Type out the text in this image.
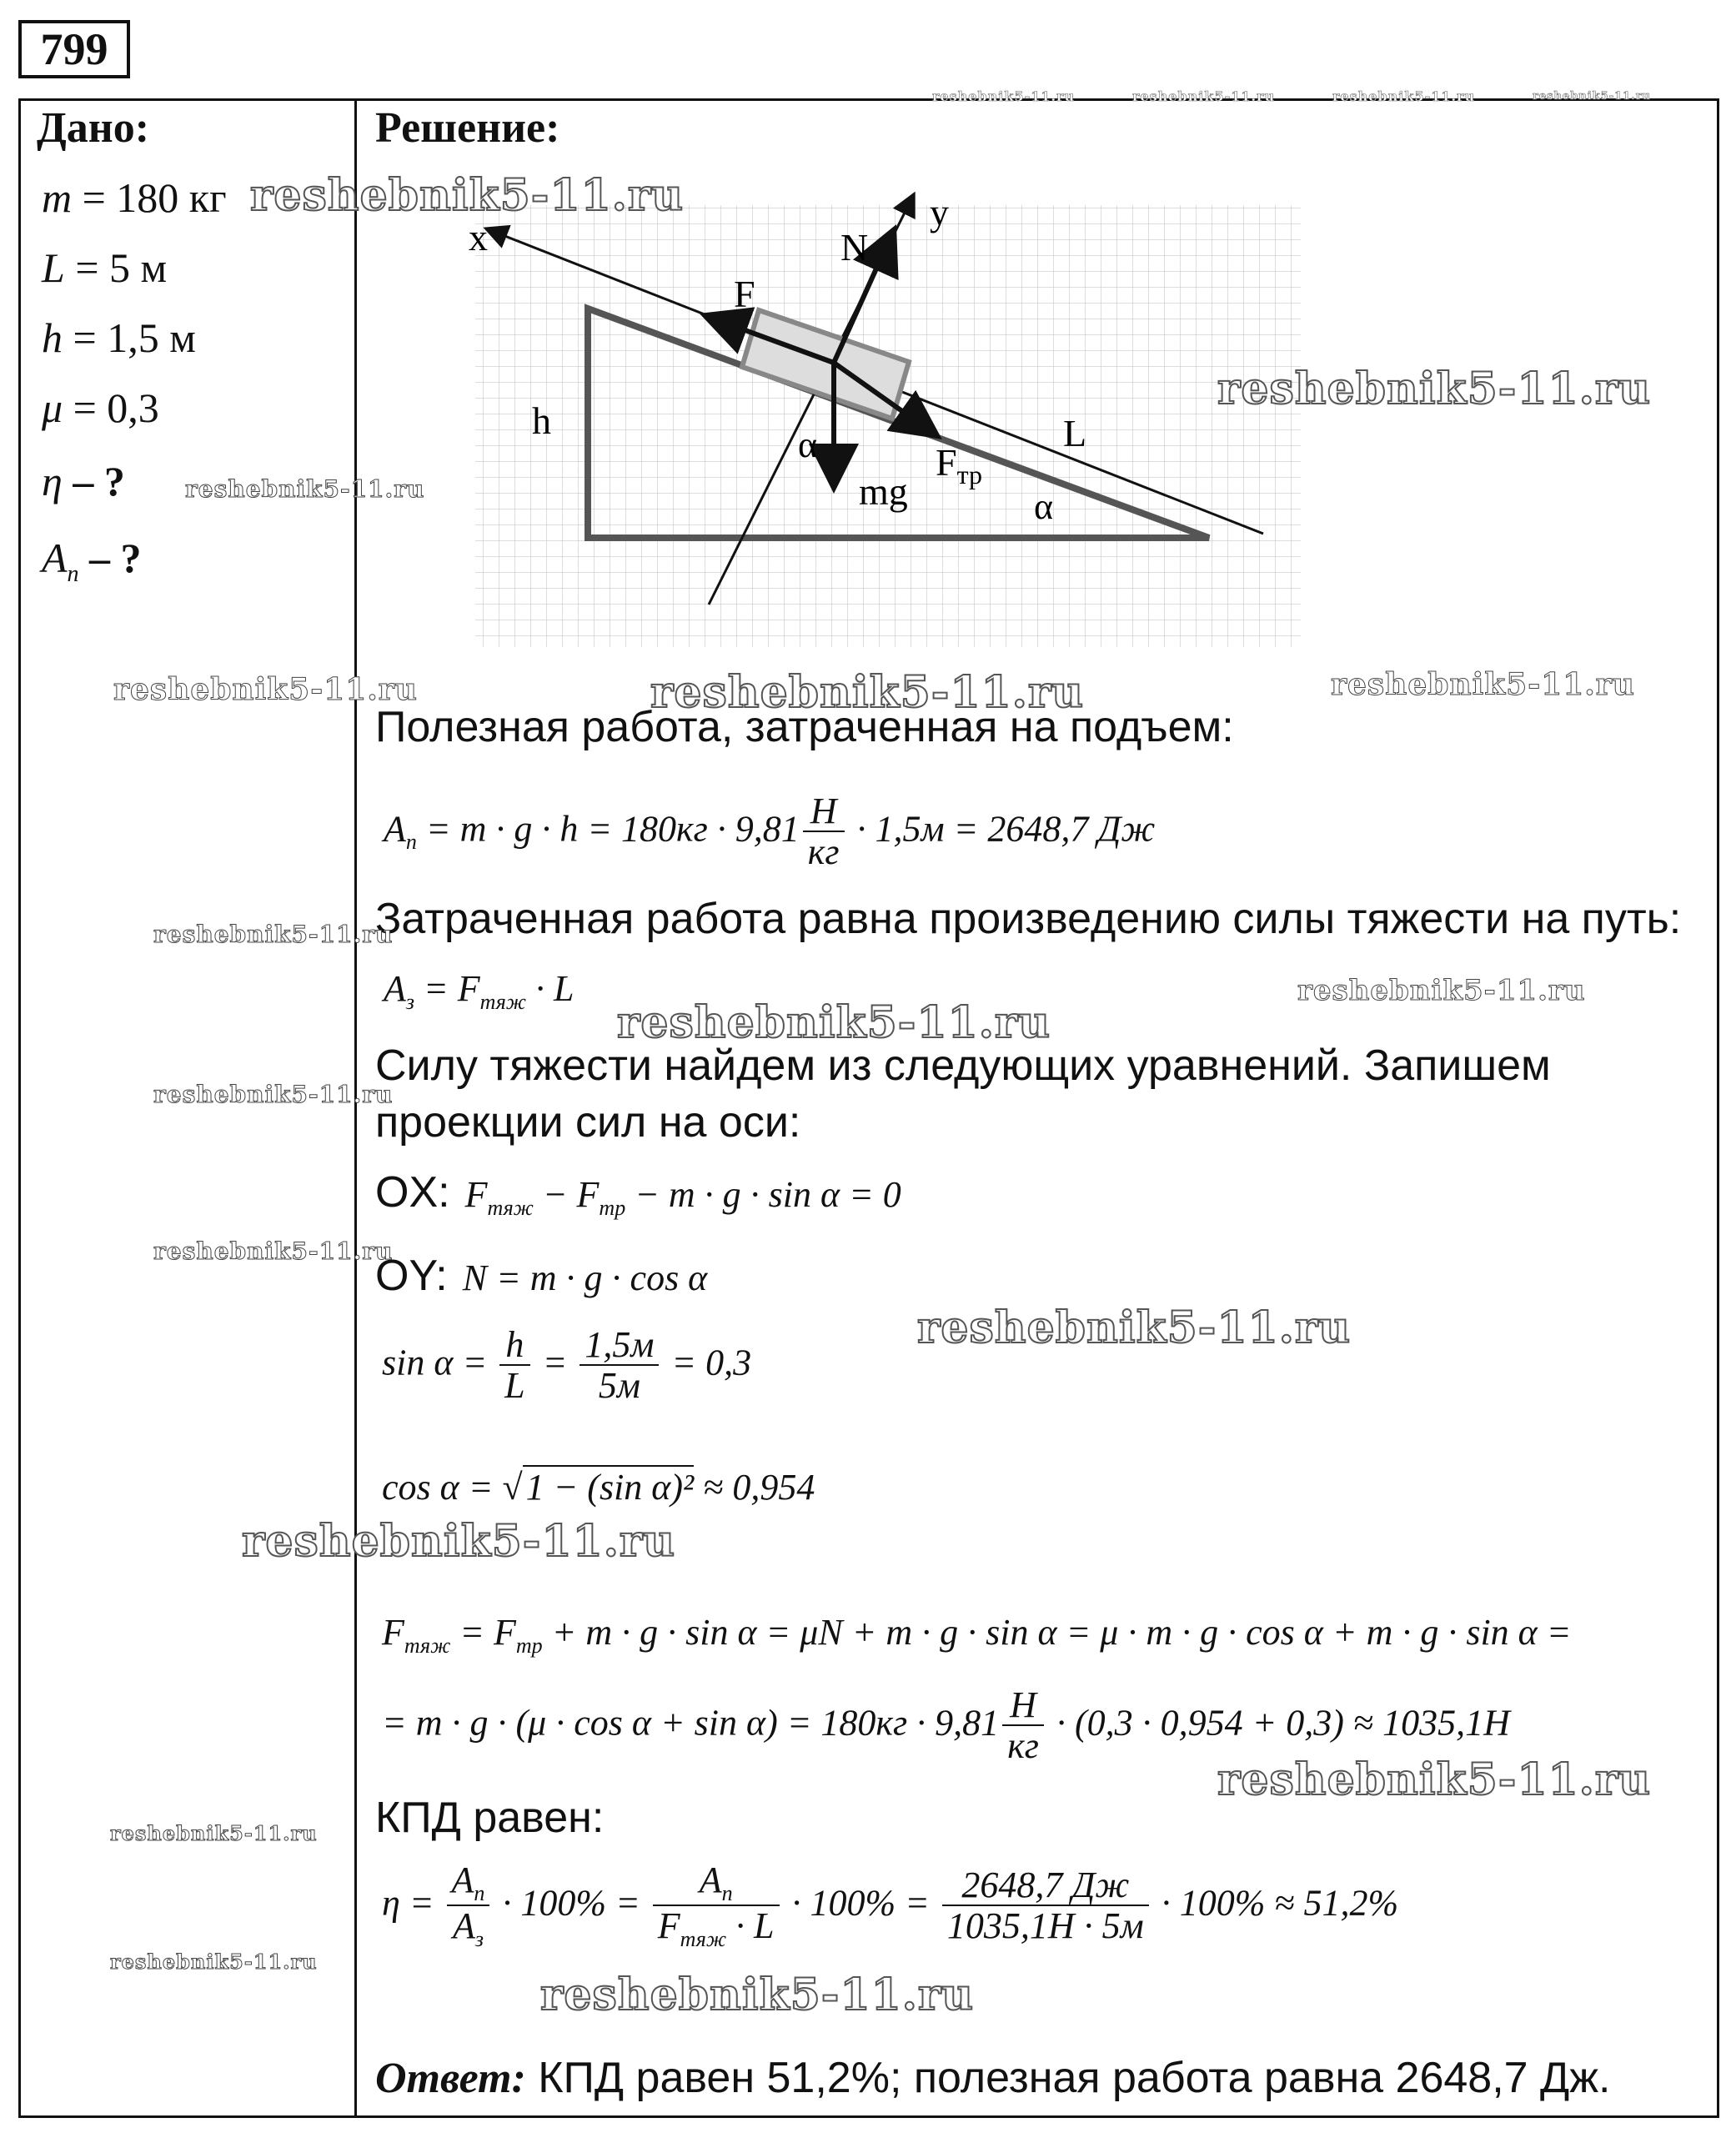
799
Дано:
m = 180 кг
L = 5 м
h = 1,5 м
μ = 0,3
η – ?
$A_n$ – ?
Решение:
x
y
N
F
h	L
α
mg
$F_{тр}$
α
Полезная работа, затраченная на подъем:
$A_n = m \cdot g \cdot h = 180кг \cdot 9,81 \frac{Н}{кг} \cdot 1,5м = 2648,7$ Дж
Затраченная работа равна произведению силы тяжести на путь:
$A_з = F_{тяж} \cdot L$
Силу тяжести найдем из следующих уравнений. Запишем
проекции сил на оси:
OX: $F_{тяж} - F_{тр} - m \cdot g \cdot \sin \alpha = 0$
OY: N = m · g · cos α
$\sin \alpha = \frac{h}{L} = \frac{1,5м}{5м} = 0,3$
cos α = √1 − (sin α)² ≈ 0,954
$F_{тяж} = F_{тр} + m \cdot g \cdot \sin \alpha = \mu N + m \cdot g \cdot \sin \alpha = \mu \cdot m \cdot g \cdot \cos \alpha + m \cdot g \cdot \sin \alpha$ =
= $m \cdot g \cdot (\mu \cdot \cos \alpha + \sin \alpha) = 180кг \cdot 9,81 \frac{Н}{кг} \cdot (0,3 \cdot 0,954 + 0,3) \approx 1035,1Н$
КПД равен:
$\eta = \frac{A_n}{A_з} \cdot 100\% = \frac{A_n}{F_{тяж} \cdot L} \cdot 100\% = \frac{2648,7 Дж}{1035,1Н \cdot 5м} \cdot 100\% \approx 51,2\%$
Ответ: КПД равен 51,2%; полезная работа равна 2648,7 Дж.
reshebnik5-11.ru
reshebnik5-11.ru
reshebnik5-11.ru
reshebnik5-11.ru
reshebnik5-11.ru
reshebnik5-11.ru
reshebnik5-11.ru
reshebnik5-11.ru
reshebnik5-11.ru
reshebnik5-11.ru	reshebnik5-11.ru
reshebnik5-11.ru
reshebnik5-11.ru
reshebnik5-11.ru
reshebnik5-11.ru
reshebnik5-11.ru
reshebnik5-11.ru
reshebnik5-11.ru	reshebnik5-11.ru	reshebnik5-11.ru	reshebnik5-11.ru
